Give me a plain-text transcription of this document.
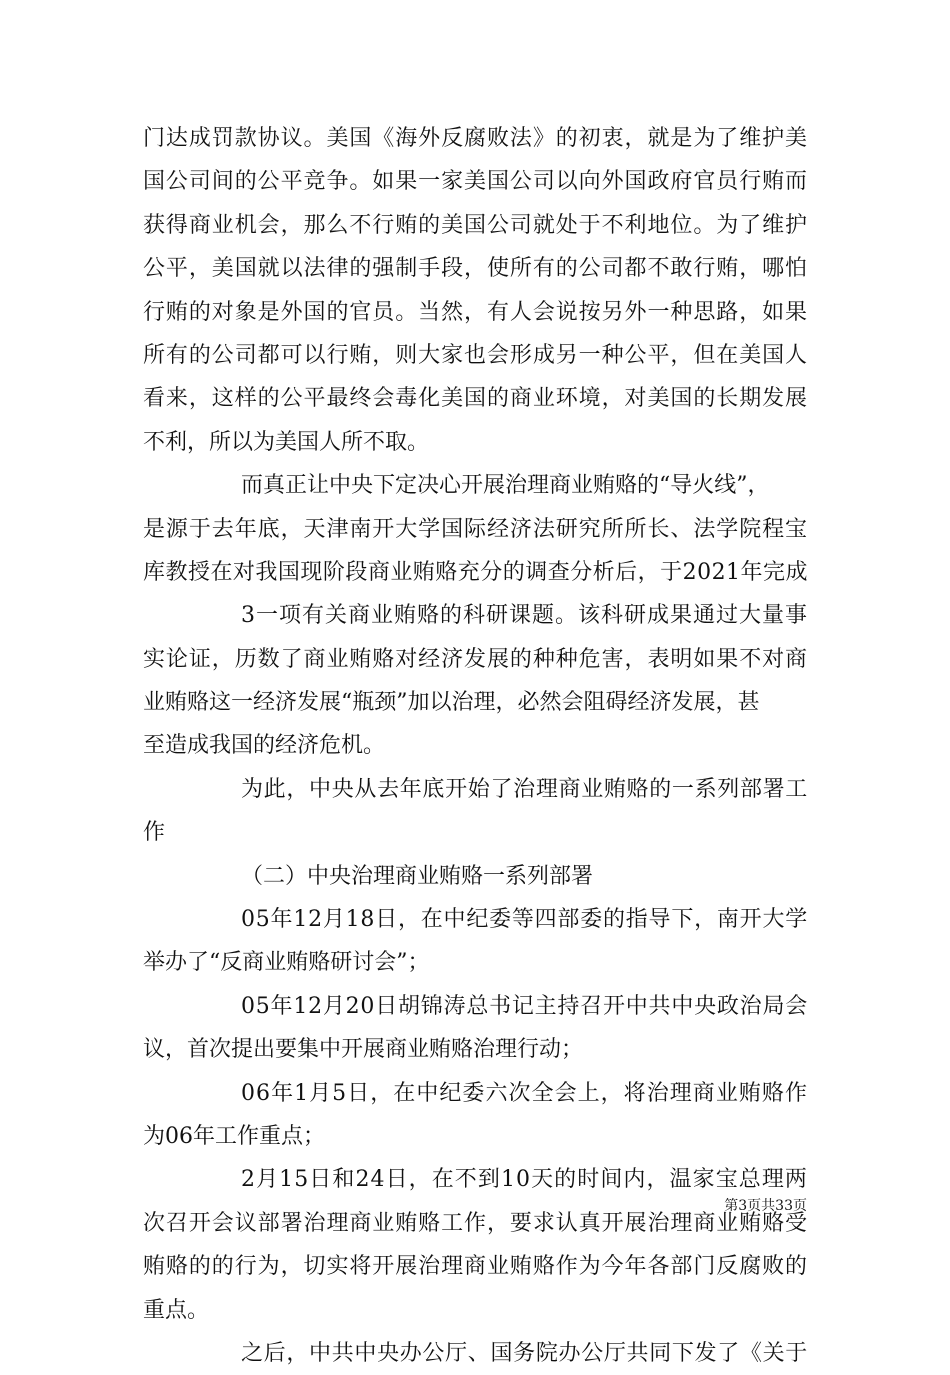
门达成罚款协议。美国《海外反腐败法》的初衷，就是为了维护美
国公司间的公平竞争。如果一家美国公司以向外国政府官员行贿而
获得商业机会，那么不行贿的美国公司就处于不利地位。为了维护
公平，美国就以法律的强制手段，使所有的公司都不敢行贿，哪怕
行贿的对象是外国的官员。当然，有人会说按另外一种思路，如果
所有的公司都可以行贿，则大家也会形成另一种公平，但在美国人
看来，这样的公平最终会毒化美国的商业环境，对美国的长期发展
不利，所以为美国人所不取。
而真正让中央下定决心开展治理商业贿赂的“导火线”，
是源于去年底，天津南开大学国际经济法研究所所长、法学院程宝
库教授在对我国现阶段商业贿赂充分的调查分析后，于2021年完成
3一项有关商业贿赂的科研课题。该科研成果通过大量事
实论证，历数了商业贿赂对经济发展的种种危害，表明如果不对商
业贿赂这一经济发展“瓶颈”加以治理，必然会阻碍经济发展，甚
至造成我国的经济危机。
为此，中央从去年底开始了治理商业贿赂的一系列部署工
作
（二）中央治理商业贿赂一系列部署
05年12月18日，在中纪委等四部委的指导下，南开大学
举办了“反商业贿赂研讨会”；
05年12月20日胡锦涛总书记主持召开中共中央政治局会
议，首次提出要集中开展商业贿赂治理行动；
06年1月5日，在中纪委六次全会上，将治理商业贿赂作
为06年工作重点；
2月15日和24日，在不到10天的时间内，温家宝总理两
次召开会议部署治理商业贿赂工作，要求认真开展治理商业贿赂受
贿赂的的行为，切实将开展治理商业贿赂作为今年各部门反腐败的
重点。
之后，中共中央办公厅、国务院办公厅共同下发了《关于
第3页共33页
